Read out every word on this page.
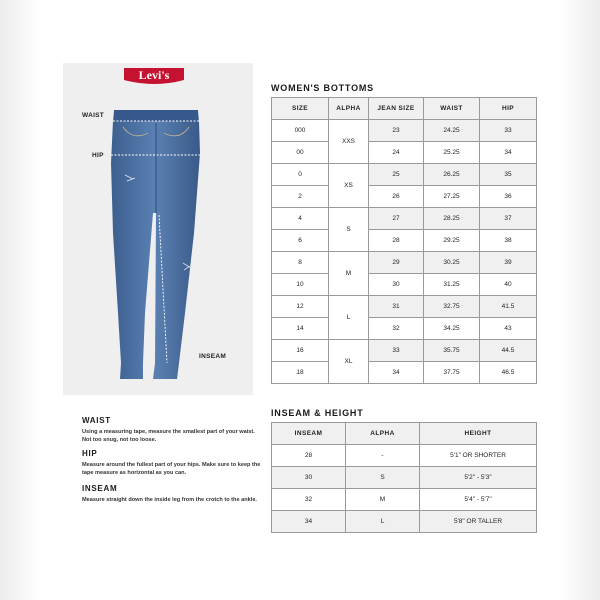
Levi's
WAIST
HIP
INSEAM
WOMEN'S BOTTOMS
SIZE	ALPHA	JEAN SIZE	WAIST	HIP
000	XXS	23	24.25	33
00		24	25.25	34
0	XS	25	26.25	35
2		26	27.25	36
4	S	27	28.25	37
6		28	29.25	38
8	M	29	30.25	39
10		30	31.25	40
12	L	31	32.75	41.5
14		32	34.25	43
16	XL	33	35.75	44.5
18		34	37.75	46.5
INSEAM & HEIGHT
INSEAM	ALPHA	HEIGHT
28	-	5'1" OR SHORTER
30	S	5'2" - 5'3"
32	M	5'4" - 5'7"
34	L	5'8" OR TALLER
WAIST

Using a measuring tape, measure the smallest part of your waist. Not too snug, not too loose.

HIP

Measure around the fullest part of your hips. Make sure to keep the tape measure as horizontal as you can.

INSEAM

Measure straight down the inside leg from the crotch to the ankle.
